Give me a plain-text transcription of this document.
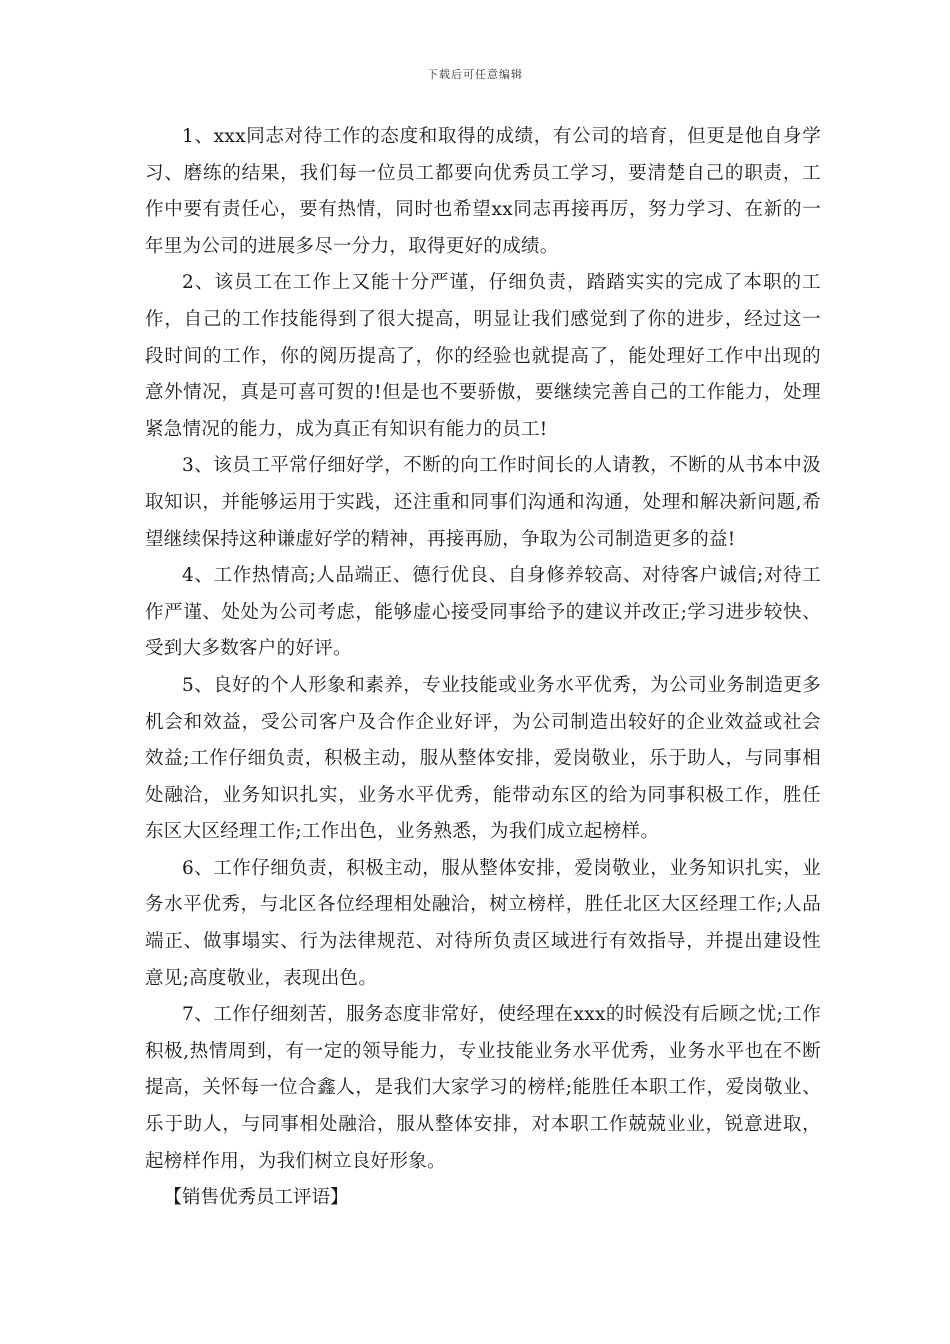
下载后可任意编辑

1、xxx同志对待工作的态度和取得的成绩，有公司的培育，但更是他自身学习、磨练的结果，我们每一位员工都要向优秀员工学习，要清楚自己的职责，工作中要有责任心，要有热情，同时也希望xx同志再接再厉，努力学习、在新的一年里为公司的进展多尽一分力，取得更好的成绩。

2、该员工在工作上又能十分严谨，仔细负责，踏踏实实的完成了本职的工作，自己的工作技能得到了很大提高，明显让我们感觉到了你的进步，经过这一段时间的工作，你的阅历提高了，你的经验也就提高了，能处理好工作中出现的意外情况，真是可喜可贺的!但是也不要骄傲，要继续完善自己的工作能力，处理紧急情况的能力，成为真正有知识有能力的员工!

3、该员工平常仔细好学，不断的向工作时间长的人请教，不断的从书本中汲取知识，并能够运用于实践，还注重和同事们沟通和沟通，处理和解决新问题,希望继续保持这种谦虚好学的精神，再接再励，争取为公司制造更多的益!

4、工作热情高;人品端正、德行优良、自身修养较高、对待客户诚信;对待工作严谨、处处为公司考虑，能够虚心接受同事给予的建议并改正;学习进步较快、受到大多数客户的好评。

5、良好的个人形象和素养，专业技能或业务水平优秀，为公司业务制造更多机会和效益，受公司客户及合作企业好评，为公司制造出较好的企业效益或社会效益;工作仔细负责，积极主动，服从整体安排，爱岗敬业，乐于助人，与同事相处融洽，业务知识扎实，业务水平优秀，能带动东区的给为同事积极工作，胜任东区大区经理工作;工作出色，业务熟悉，为我们成立起榜样。

6、工作仔细负责，积极主动，服从整体安排，爱岗敬业，业务知识扎实，业务水平优秀，与北区各位经理相处融洽，树立榜样，胜任北区大区经理工作;人品端正、做事塌实、行为法律规范、对待所负责区域进行有效指导，并提出建设性意见;高度敬业，表现出色。

7、工作仔细刻苦，服务态度非常好，使经理在xxx的时候没有后顾之忧;工作积极,热情周到，有一定的领导能力，专业技能业务水平优秀，业务水平也在不断提高，关怀每一位合鑫人，是我们大家学习的榜样;能胜任本职工作，爱岗敬业、乐于助人，与同事相处融洽，服从整体安排，对本职工作兢兢业业，锐意进取，起榜样作用，为我们树立良好形象。

【销售优秀员工评语】
